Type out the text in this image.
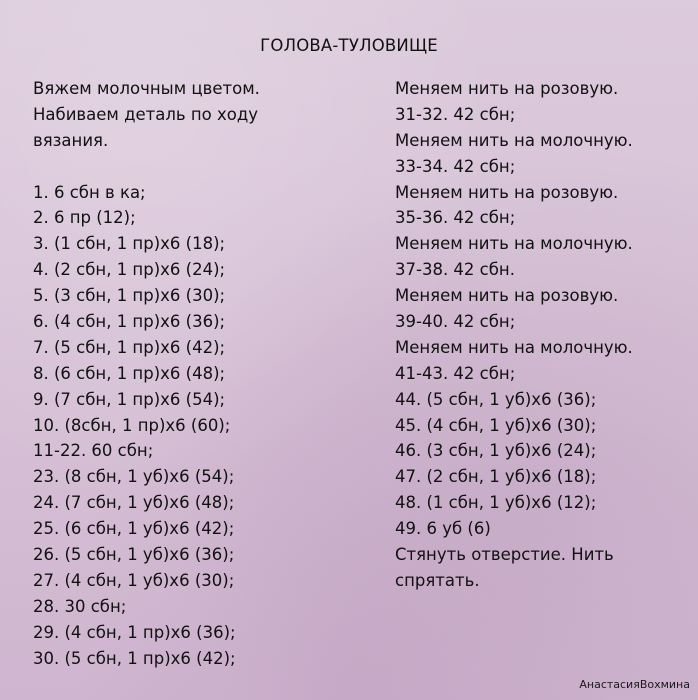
ГОЛОВА-ТУЛОВИЩЕ
Вяжем молочным цветом.
Набиваем деталь по ходу
вязания.
1. 6 сбн в ка;
2. 6 пр (12);
3. (1 сбн, 1 пр)х6 (18);
4. (2 сбн, 1 пр)х6 (24);
5. (3 сбн, 1 пр)х6 (30);
6. (4 сбн, 1 пр)х6 (36);
7. (5 сбн, 1 пр)х6 (42);
8. (6 сбн, 1 пр)х6 (48);
9. (7 сбн, 1 пр)х6 (54);
10. (8сбн, 1 пр)х6 (60);
11-22. 60 сбн;
23. (8 сбн, 1 уб)х6 (54);
24. (7 сбн, 1 уб)х6 (48);
25. (6 сбн, 1 уб)х6 (42);
26. (5 сбн, 1 уб)х6 (36);
27. (4 сбн, 1 уб)х6 (30);
28. 30 сбн;
29. (4 сбн, 1 пр)х6 (36);
30. (5 сбн, 1 пр)х6 (42);
Меняем нить на розовую.
31-32. 42 сбн;
Меняем нить на молочную.
33-34. 42 сбн;
Меняем нить на розовую.
35-36. 42 сбн;
Меняем нить на молочную.
37-38. 42 сбн.
Меняем нить на розовую.
39-40. 42 сбн;
Меняем нить на молочную.
41-43. 42 сбн;
44. (5 сбн, 1 уб)х6 (36);
45. (4 сбн, 1 уб)х6 (30);
46. (3 сбн, 1 уб)х6 (24);
47. (2 сбн, 1 уб)х6 (18);
48. (1 сбн, 1 уб)х6 (12);
49. 6 уб (6)
Стянуть отверстие. Нить
спрятать.
АнастасияВохмина
